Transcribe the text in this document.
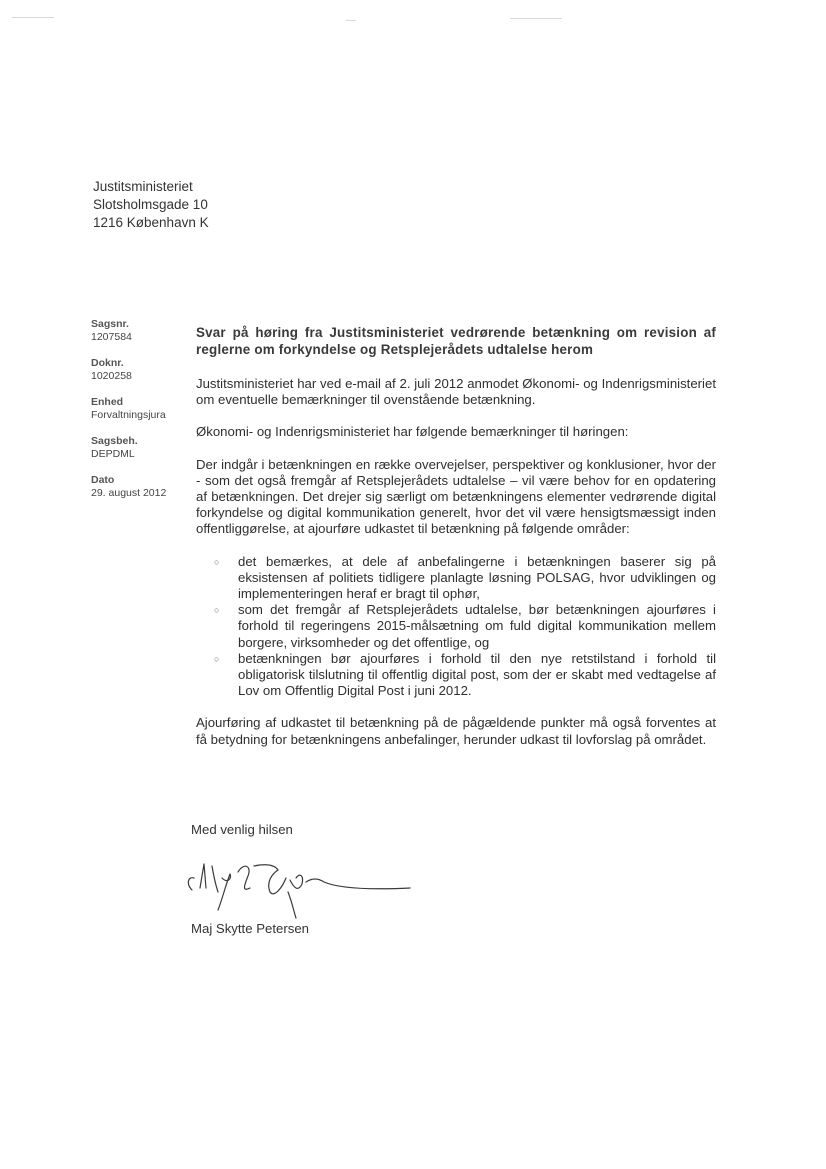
Justitsministeriet
Slotsholmsgade 10
1216 København K
Sagsnr.
1207584
Doknr.
1020258
Enhed
Forvaltningsjura
Sagsbeh.
DEPDML
Dato
29. august 2012
Svar på høring fra Justitsministeriet vedrørende betænkning om revision af reglerne om forkyndelse og Retsplejerådets udtalelse herom

Justitsministeriet har ved e-mail af 2. juli 2012 anmodet Økonomi- og Indenrigsministeriet om eventuelle bemærkninger til ovenstående betænkning.

Økonomi- og Indenrigsministeriet har følgende bemærkninger til høringen:

Der indgår i betænkningen en række overvejelser, perspektiver og konklusioner, hvor der - som det også fremgår af Retsplejerådets udtalelse – vil være behov for en opdatering af betænkningen. Det drejer sig særligt om betænkningens elementer vedrørende digital forkyndelse og digital kommunikation generelt, hvor det vil være hensigtsmæssigt inden offentliggørelse, at ajourføre udkastet til betænkning på følgende områder:

○ det bemærkes, at dele af anbefalingerne i betænkningen baserer sig på eksistensen af politiets tidligere planlagte løsning POLSAG, hvor udviklingen og implementeringen heraf er bragt til ophør,
○ som det fremgår af Retsplejerådets udtalelse, bør betænkningen ajourføres i forhold til regeringens 2015-målsætning om fuld digital kommunikation mellem borgere, virksomheder og det offentlige, og
○ betænkningen bør ajourføres i forhold til den nye retstilstand i forhold til obligatorisk tilslutning til offentlig digital post, som der er skabt med vedtagelse af Lov om Offentlig Digital Post i juni 2012.

Ajourføring af udkastet til betænkning på de pågældende punkter må også forventes at få betydning for betænkningens anbefalinger, herunder udkast til lovforslag på området.

Med venlig hilsen
Maj Skytte Petersen
